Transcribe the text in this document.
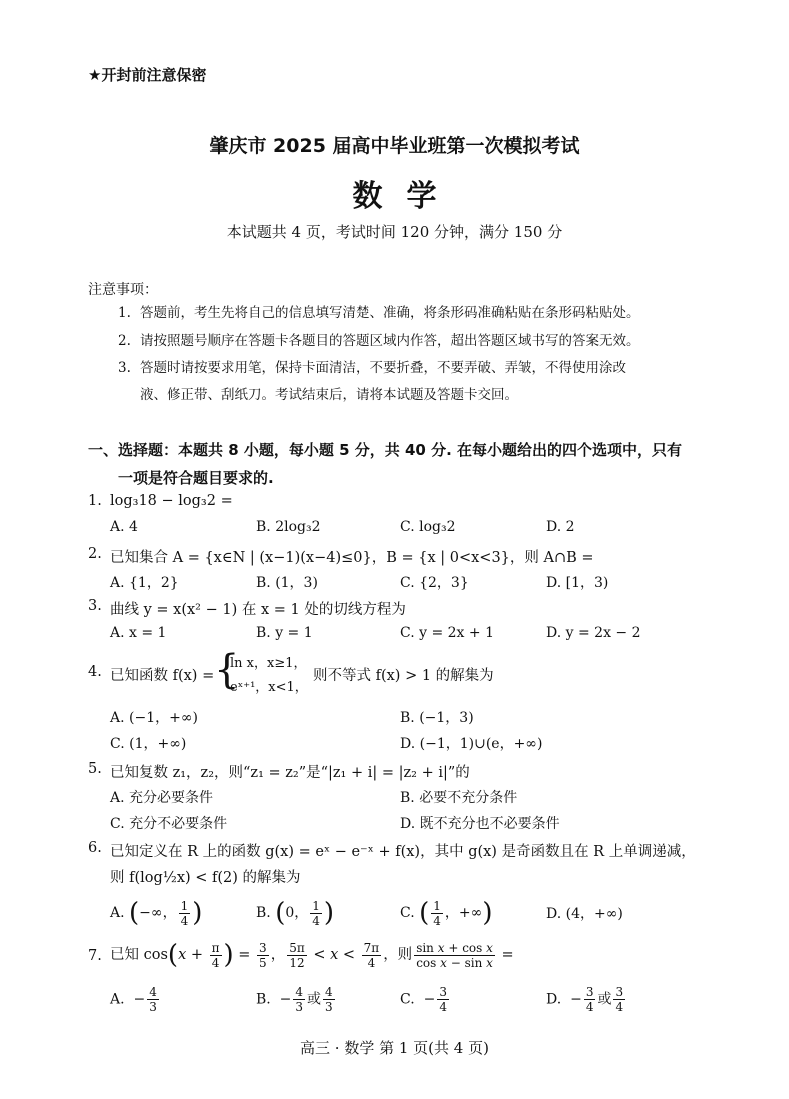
★开封前注意保密
肇庆市 2025 届高中毕业班第一次模拟考试
数学
本试题共 4 页，考试时间 120 分钟，满分 150 分
注意事项：
1. 答题前，考生先将自己的信息填写清楚、准确，将条形码准确粘贴在条形码粘贴处。
2. 请按照题号顺序在答题卡各题目的答题区域内作答，超出答题区域书写的答案无效。
3. 答题时请按要求用笔，保持卡面清洁，不要折叠，不要弄破、弄皱，不得使用涂改
液、修正带、刮纸刀。考试结束后，请将本试题及答题卡交回。
一、选择题：本题共 8 小题，每小题 5 分，共 40 分. 在每小题给出的四个选项中，只有
一项是符合题目要求的.
1. log₃18 − log₃2 =
A. 4	B. 2log₃2	C. log₃2	D. 2
2. 已知集合 A = {x∈N | (x−1)(x−4)≤0}，B = {x | 0<x<3}，则 A∩B =
A. {1，2}	B. (1，3)	C. {2，3}	D. [1，3)
3. 曲线 y = x(x² − 1) 在 x = 1 处的切线方程为
A. x = 1	B. y = 1	C. y = 2x + 1	D. y = 2x − 2
4. 已知函数 f(x) = {
ln x，x≥1，
eˣ⁺¹，x<1，
则不等式 f(x) > 1 的解集为
A. (−1，+∞)	B. (−1，3)
C. (1，+∞)	D. (−1，1)∪(e，+∞)
5. 已知复数 z₁，z₂，则“z₁ = z₂”是“|z₁ + i| = |z₂ + i|”的
A. 充分必要条件	B. 必要不充分条件
C. 充分不必要条件	D. 既不充分也不必要条件
6. 已知定义在 R 上的函数 g(x) = eˣ − e⁻ˣ + f(x)，其中 g(x) 是奇函数且在 R 上单调递减，
则 f(log½x) < f(2) 的解集为
A. (−∞， $\frac{1}{4}$ )	B. (0， $\frac{1}{4}$ )	C. ( $\frac{1}{4}$ ，+∞)	D. (4，+∞)
7. 已知 $\cos(x + \frac{\pi}{4}$ ) = $\frac{3}{5}$ ， $\frac{5\pi}{12} < x < \frac{7\pi}{4}$ ，则 $\frac{\text{sin x + cos x}}{\text{cos x − sin x}}$ =
A.  − $\frac{4}{3}$	B.  − $\frac{4}{3}$ 或 $\frac{4}{3}$	C.  − $\frac{3}{4}$	D.  − $\frac{3}{4}$ 或 $\frac{3}{4}$
高三 · 数学 第 1 页(共 4 页)
